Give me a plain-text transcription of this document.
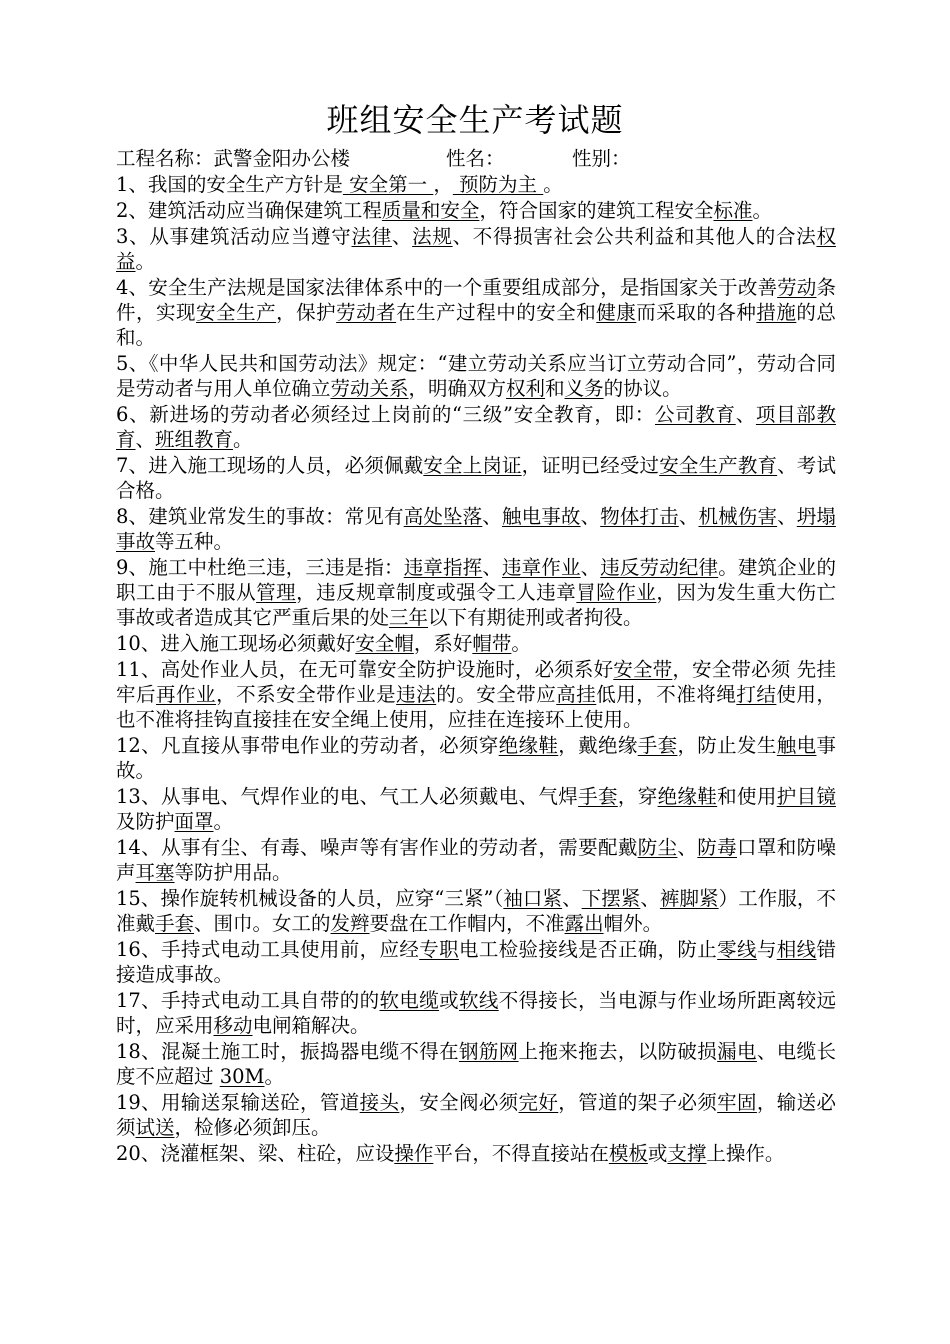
班组安全生产考试题

工程名称：武警金阳办公楼	性名：	性别：

1、我国的安全生产方针是 安全第一 ， 预防为主 。

2、建筑活动应当确保建筑工程质量和安全，符合国家的建筑工程安全标准。

3、从事建筑活动应当遵守法律、法规、不得损害社会公共利益和其他人的合法权益。

4、安全生产法规是国家法律体系中的一个重要组成部分，是指国家关于改善劳动条件，实现安全生产，保护劳动者在生产过程中的安全和健康而采取的各种措施的总和。

5、《中华人民共和国劳动法》规定：“建立劳动关系应当订立劳动合同”，劳动合同是劳动者与用人单位确立劳动关系，明确双方权利和义务的协议。

6、新进场的劳动者必须经过上岗前的“三级”安全教育，即：公司教育、项目部教育、班组教育。

7、进入施工现场的人员，必须佩戴安全上岗证，证明已经受过安全生产教育、考试合格。

8、建筑业常发生的事故：常见有高处坠落、触电事故、物体打击、机械伤害、坍塌事故等五种。

9、施工中杜绝三违，三违是指：违章指挥、违章作业、违反劳动纪律。建筑企业的职工由于不服从管理，违反规章制度或强令工人违章冒险作业，因为发生重大伤亡事故或者造成其它严重后果的处三年以下有期徒刑或者拘役。

10、进入施工现场必须戴好安全帽，系好帽带。

11、高处作业人员，在无可靠安全防护设施时，必须系好安全带，安全带必须 先挂牢后再作业，不系安全带作业是违法的。安全带应高挂低用，不准将绳打结使用，也不准将挂钩直接挂在安全绳上使用，应挂在连接环上使用。

12、凡直接从事带电作业的劳动者，必须穿绝缘鞋，戴绝缘手套，防止发生触电事故。

13、从事电、气焊作业的电、气工人必须戴电、气焊手套，穿绝缘鞋和使用护目镜及防护面罩。

14、从事有尘、有毒、噪声等有害作业的劳动者，需要配戴防尘、防毒口罩和防噪声耳塞等防护用品。

15、操作旋转机械设备的人员，应穿“三紧”（袖口紧、下摆紧、裤脚紧）工作服，不准戴手套、围巾。女工的发辫要盘在工作帽内，不准露出帽外。

16、手持式电动工具使用前，应经专职电工检验接线是否正确，防止零线与相线错接造成事故。

17、手持式电动工具自带的的软电缆或软线不得接长，当电源与作业场所距离较远时，应采用移动电闸箱解决。

18、混凝土施工时，振捣器电缆不得在钢筋网上拖来拖去，以防破损漏电、电缆长度不应超过 30M。

19、用输送泵输送砼，管道接头，安全阀必须完好，管道的架子必须牢固，输送必须试送，检修必须卸压。

20、浇灌框架、梁、柱砼，应设操作平台，不得直接站在模板或支撑上操作。
